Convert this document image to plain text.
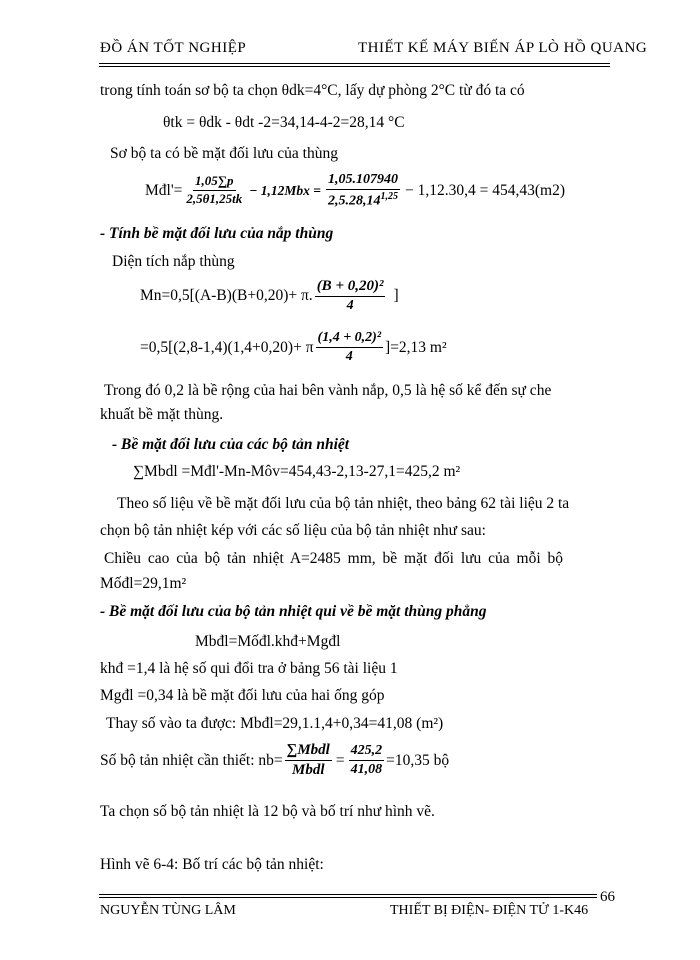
ĐỒ ÁN TỐT NGHIỆP	THIẾT KẾ MÁY BIẾN ÁP LÒ HỒ QUANG
trong tính toán sơ bộ ta chọn θdk=4°C, lấy dự phòng 2°C từ đó ta có
θtk = θdk - θdt -2=34,14-4-2=28,14 °C
Sơ bộ ta có bề mặt đối lưu của thùng
Mđl'= $\frac{1,05\sum p}{2,5\theta 1,25tk} - 1,12Mbx = \frac{1,05.107940}{2,5.28,14^{1,25}} - 1,12.30,4 = 454,43(m2)$
- Tính bề mặt đối lưu của nắp thùng
Diện tích nắp thùng
Mn=0,5[(A-B)(B+0,20)+ π. $\frac{\text{(B + 0,20)²}}{4}$ ]
=0,5[(2,8-1,4)(1,4+0,20)+ π $\frac{\text{(1,4 + 0,2)²}}{4} ]=2,13$ m²
Trong đó 0,2 là bề rộng của hai bên vành nắp, 0,5 là hệ số kể đến sự che
khuất bề mặt thùng.
- Bề mặt đối lưu của các bộ tản nhiệt
∑Mbdl =Mđl'-Mn-Môv=454,43-2,13-27,1=425,2 m²
Theo số liệu về bề mặt đối lưu của bộ tản nhiệt, theo bảng 62 tài liệu 2 ta
chọn bộ tản nhiệt kép với các số liệu của bộ tản nhiệt như sau:
Chiều cao của bộ tản nhiệt A=2485 mm, bề mặt đối lưu của mỗi bộ
Mốđl=29,1m²
- Bề mặt đối lưu của bộ tản nhiệt qui về bề mặt thùng phẳng
Mbđl=Mốđl.khđ+Mgđl
khđ =1,4 là hệ số qui đổi tra ở bảng 56 tài liệu 1
Mgđl =0,34 là bề mặt đối lưu của hai ống góp
Thay số vào ta được: Mbđl=29,1.1,4+0,34=41,08 (m²)
Số bộ tản nhiệt cần thiết: $nb= \frac{\text{∑Mbdl}}{\text{Mbdl}} = \frac{425,2}{41,08} =10,35$ bộ
Ta chọn số bộ tản nhiệt là 12 bộ và bố trí như hình vẽ.
Hình vẽ 6-4: Bố trí các bộ tản nhiệt:
NGUYỄN TÙNG LÂM	THIẾT BỊ ĐIỆN- ĐIỆN TỬ 1-K46
66
